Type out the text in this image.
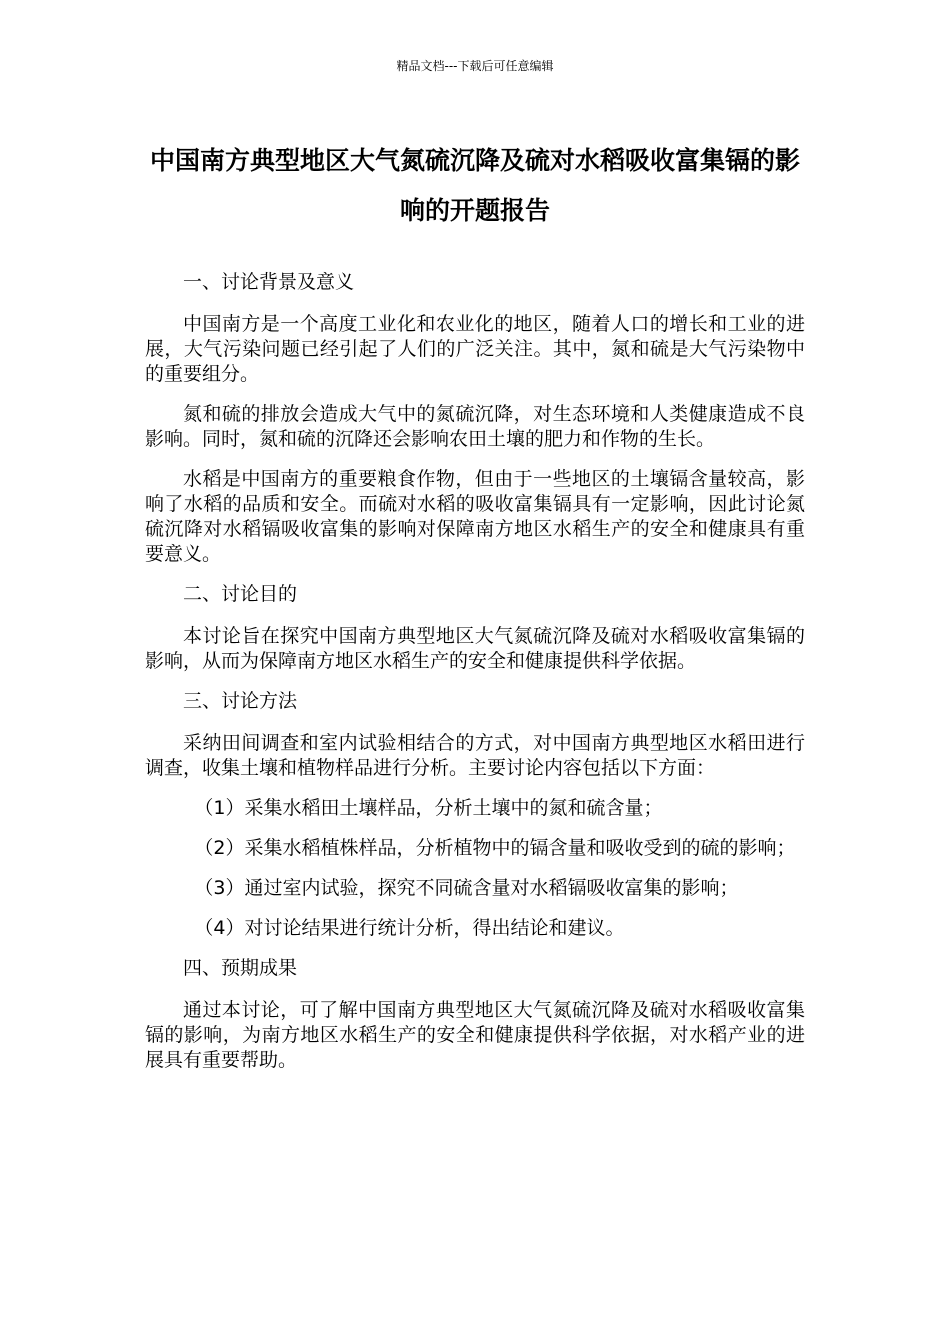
精品文档---下载后可任意编辑
中国南方典型地区大气氮硫沉降及硫对水稻吸收富集镉的影响的开题报告

一、讨论背景及意义

中国南方是一个高度工业化和农业化的地区，随着人口的增长和工业的进展，大气污染问题已经引起了人们的广泛关注。其中，氮和硫是大气污染物中的重要组分。

氮和硫的排放会造成大气中的氮硫沉降，对生态环境和人类健康造成不良影响。同时，氮和硫的沉降还会影响农田土壤的肥力和作物的生长。

水稻是中国南方的重要粮食作物，但由于一些地区的土壤镉含量较高，影响了水稻的品质和安全。而硫对水稻的吸收富集镉具有一定影响，因此讨论氮硫沉降对水稻镉吸收富集的影响对保障南方地区水稻生产的安全和健康具有重要意义。

二、讨论目的

本讨论旨在探究中国南方典型地区大气氮硫沉降及硫对水稻吸收富集镉的影响，从而为保障南方地区水稻生产的安全和健康提供科学依据。

三、讨论方法

采纳田间调查和室内试验相结合的方式，对中国南方典型地区水稻田进行调查，收集土壤和植物样品进行分析。主要讨论内容包括以下方面：

（1）采集水稻田土壤样品，分析土壤中的氮和硫含量；

（2）采集水稻植株样品，分析植物中的镉含量和吸收受到的硫的影响；

（3）通过室内试验，探究不同硫含量对水稻镉吸收富集的影响；

（4）对讨论结果进行统计分析，得出结论和建议。

四、预期成果

通过本讨论，可了解中国南方典型地区大气氮硫沉降及硫对水稻吸收富集镉的影响，为南方地区水稻生产的安全和健康提供科学依据，对水稻产业的进展具有重要帮助。
